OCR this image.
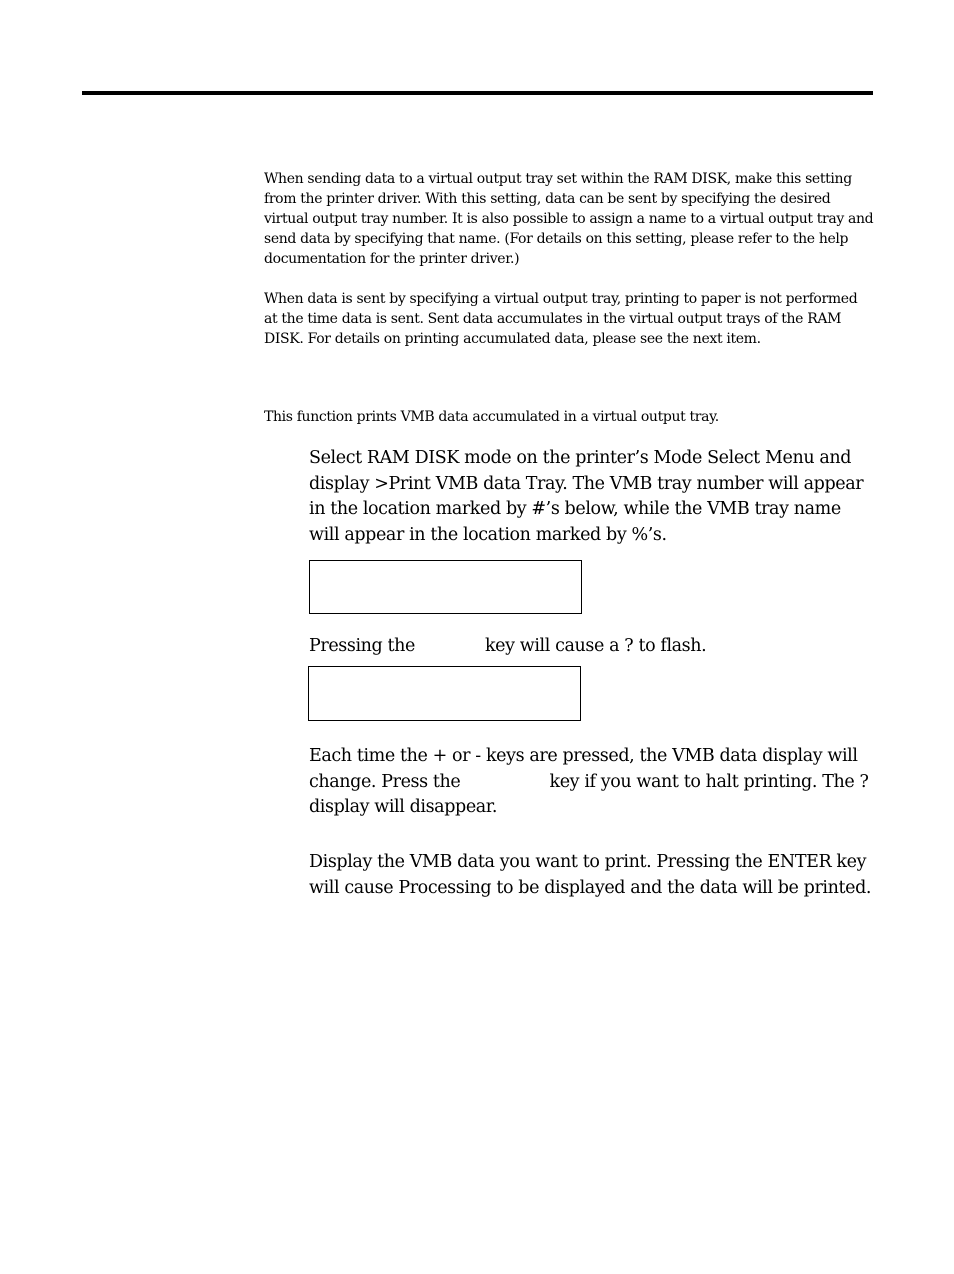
When sending data to a virtual output tray set within the RAM DISK, make this setting from the printer driver. With this setting, data can be sent by specifying the desired virtual output tray number. It is also possible to assign a name to a virtual output tray and send data by specifying that name. (For details on this setting, please refer to the help documentation for the printer driver.)

When data is sent by specifying a virtual output tray, printing to paper is not performed at the time data is sent. Sent data accumulates in the virtual output trays of the RAM DISK. For details on printing accumulated data, please see the next item.

This function prints VMB data accumulated in a virtual output tray.

Select RAM DISK mode on the printer’s Mode Select Menu and display >Print VMB data Tray. The VMB tray number will appear in the location marked by #’s below, while the VMB tray name will appear in the location marked by %’s.

Pressing the	key will cause a ? to flash.

Each time the + or - keys are pressed, the VMB data display will change. Press the	key if you want to halt printing. The ? display will disappear.

Display the VMB data you want to print. Pressing the ENTER key will cause Processing to be displayed and the data will be printed.
